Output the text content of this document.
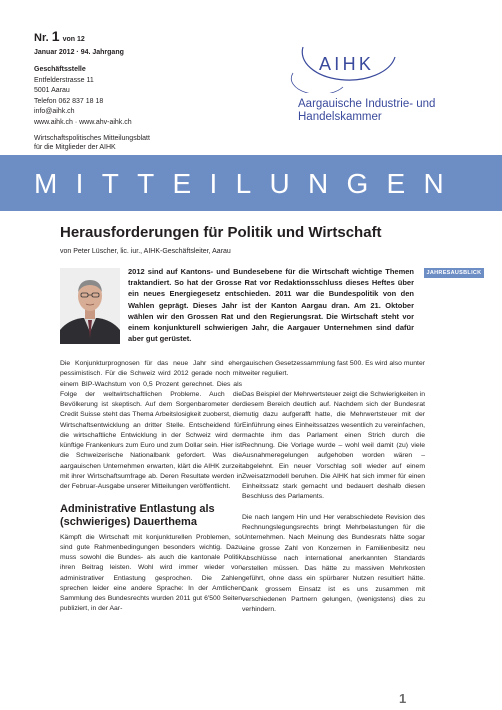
Nr. 1 von 12
Januar 2012 · 94. Jahrgang
Geschäftsstelle
Entfelderstrasse 11
5001 Aarau
Telefon 062 837 18 18
info@aihk.ch
www.aihk.ch · www.ahv-aihk.ch
Wirtschaftspolitisches Mitteilungsblatt
für die Mitglieder der AIHK
AIHK
Aargauische Industrie- und
Handelskammer
MITTEILUNGEN
Herausforderungen für Politik und Wirtschaft
von Peter Lüscher, lic. iur., AIHK-Geschäftsleiter, Aarau
JAHRESAUSBLICK
2012 sind auf Kantons- und Bundesebene für die Wirtschaft wichtige Themen traktandiert. So hat der Grosse Rat vor Redaktionsschluss dieses Heftes über ein neues Energiegesetz entschieden. 2011 war die Bundespolitik von den Wahlen geprägt. Dieses Jahr ist der Kanton Aargau dran. Am 21. Oktober wählen wir den Grossen Rat und den Regierungsrat. Die Wirtschaft steht vor einem konjunkturell schwierigen Jahr, die Aargauer Unternehmen sind dafür aber gut gerüstet.

Die Konjunkturprognosen für das neue Jahr sind eher pessimistisch. Für die Schweiz wird 2012 gerade noch mit einem BIP-Wachstum von 0,5 Prozent gerechnet. Dies als Folge der weltwirtschaftlichen Probleme. Auch die Bevölkerung ist skeptisch. Auf dem Sorgenbarometer der Credit Suisse steht das Thema Arbeitslosigkeit zuoberst, die Wirtschaftsentwicklung an dritter Stelle. Entscheidend für die wirtschaftliche Entwicklung in der Schweiz wird der künftige Frankenkurs zum Euro und zum Dollar sein. Hier ist die Schweizerische Nationalbank gefordert. Was die aargauischen Unternehmen erwarten, klärt die AIHK zurzeit mit ihrer Wirtschaftsumfrage ab. Deren Resultate werden in der Februar-Ausgabe unserer Mitteilungen veröffentlicht.

Administrative Entlastung als (schwieriges) Dauerthema

Kämpft die Wirtschaft mit konjunkturellen Problemen, so sind gute Rahmenbedingungen besonders wichtig. Dazu muss sowohl die Bundes- als auch die kantonale Politik ihren Beitrag leisten. Wohl wird immer wieder von administrativer Entlastung gesprochen. Die Zahlen sprechen leider eine andere Sprache: In der Amtlichen Sammlung des Bundesrechts wurden 2011 gut 6'500 Seiten publiziert, in der Aar-

gauischen Gesetzessammlung fast 500. Es wird also munter weiter reguliert.

Das Beispiel der Mehrwertsteuer zeigt die Schwierigkeiten in diesem Bereich deutlich auf. Nachdem sich der Bundesrat mutig dazu aufgerafft hatte, die Mehrwertsteuer mit der Einführung eines Einheitssatzes wesentlich zu vereinfachen, machte ihm das Parlament einen Strich durch die Rechnung. Die Vorlage wurde – wohl weil damit (zu) viele Ausnahmeregelungen aufgehoben worden wären – abgelehnt. Ein neuer Vorschlag soll wieder auf einem Zweisatzmodell beruhen. Die AIHK hat sich immer für einen Einheitssatz stark gemacht und bedauert deshalb diesen Beschluss des Parlaments.

Die nach langem Hin und Her verabschiedete Revision des Rechnungslegungsrechts bringt Mehrbelastungen für die Unternehmen. Nach Meinung des Bundesrats hätte sogar eine grosse Zahl von Konzernen in Familienbesitz neu Abschlüsse nach international anerkannten Standards erstellen müssen. Das hätte zu massiven Mehrkosten geführt, ohne dass ein spürbarer Nutzen resultiert hätte. Dank grossem Einsatz ist es uns zusammen mit verschiedenen Partnern gelungen, (wenigstens) dies zu verhindern.

1
